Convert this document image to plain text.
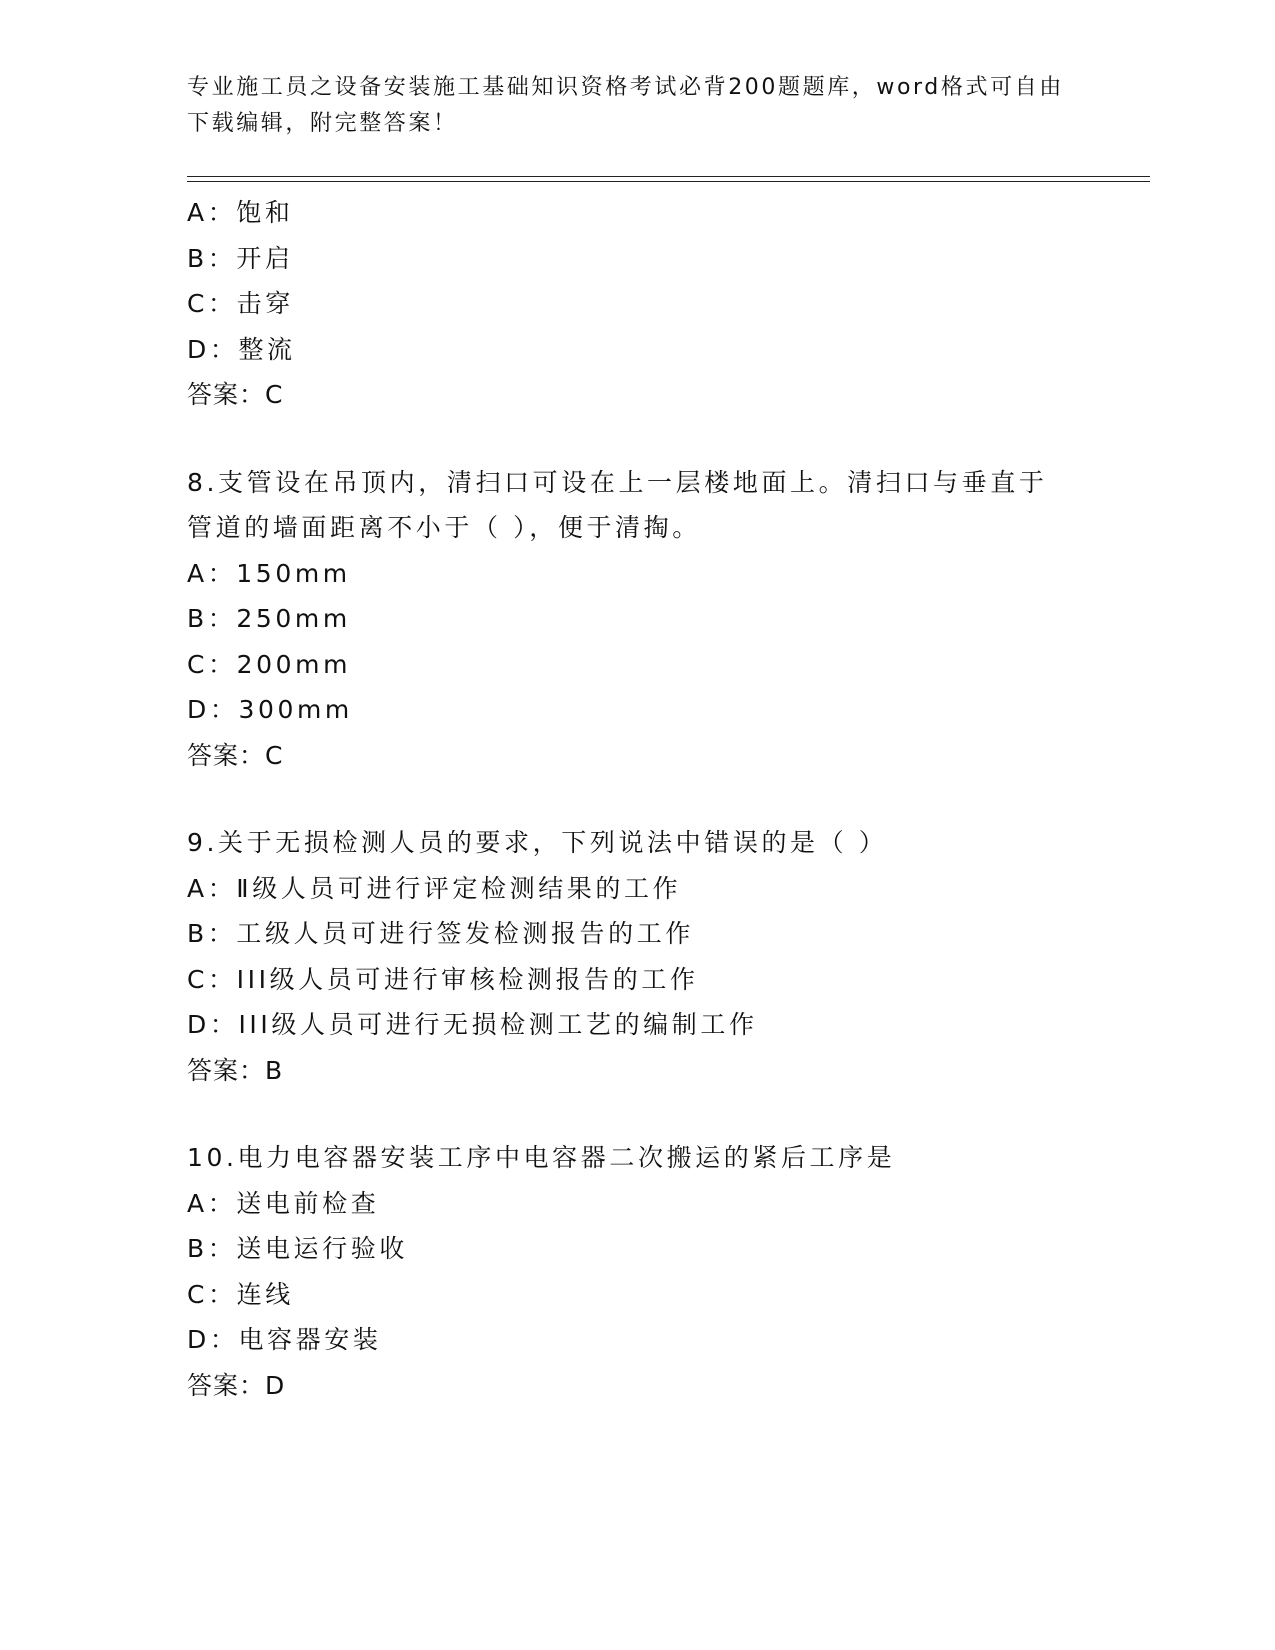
专业施工员之设备安装施工基础知识资格考试必背200题题库，word格式可自由下载编辑，附完整答案！
A：饱和
B：开启
C：击穿
D：整流
答案：C
8.支管设在吊顶内，清扫口可设在上一层楼地面上。清扫口与垂直于
管道的墙面距离不小于（ ），便于清掏。
A：150mm
B：250mm
C：200mm
D：300mm
答案：C
9.关于无损检测人员的要求，下列说法中错误的是（ ）
A：Ⅱ级人员可进行评定检测结果的工作
B：工级人员可进行签发检测报告的工作
C：III级人员可进行审核检测报告的工作
D：III级人员可进行无损检测工艺的编制工作
答案：B
10.电力电容器安装工序中电容器二次搬运的紧后工序是
A：送电前检查
B：送电运行验收
C：连线
D：电容器安装
答案：D
